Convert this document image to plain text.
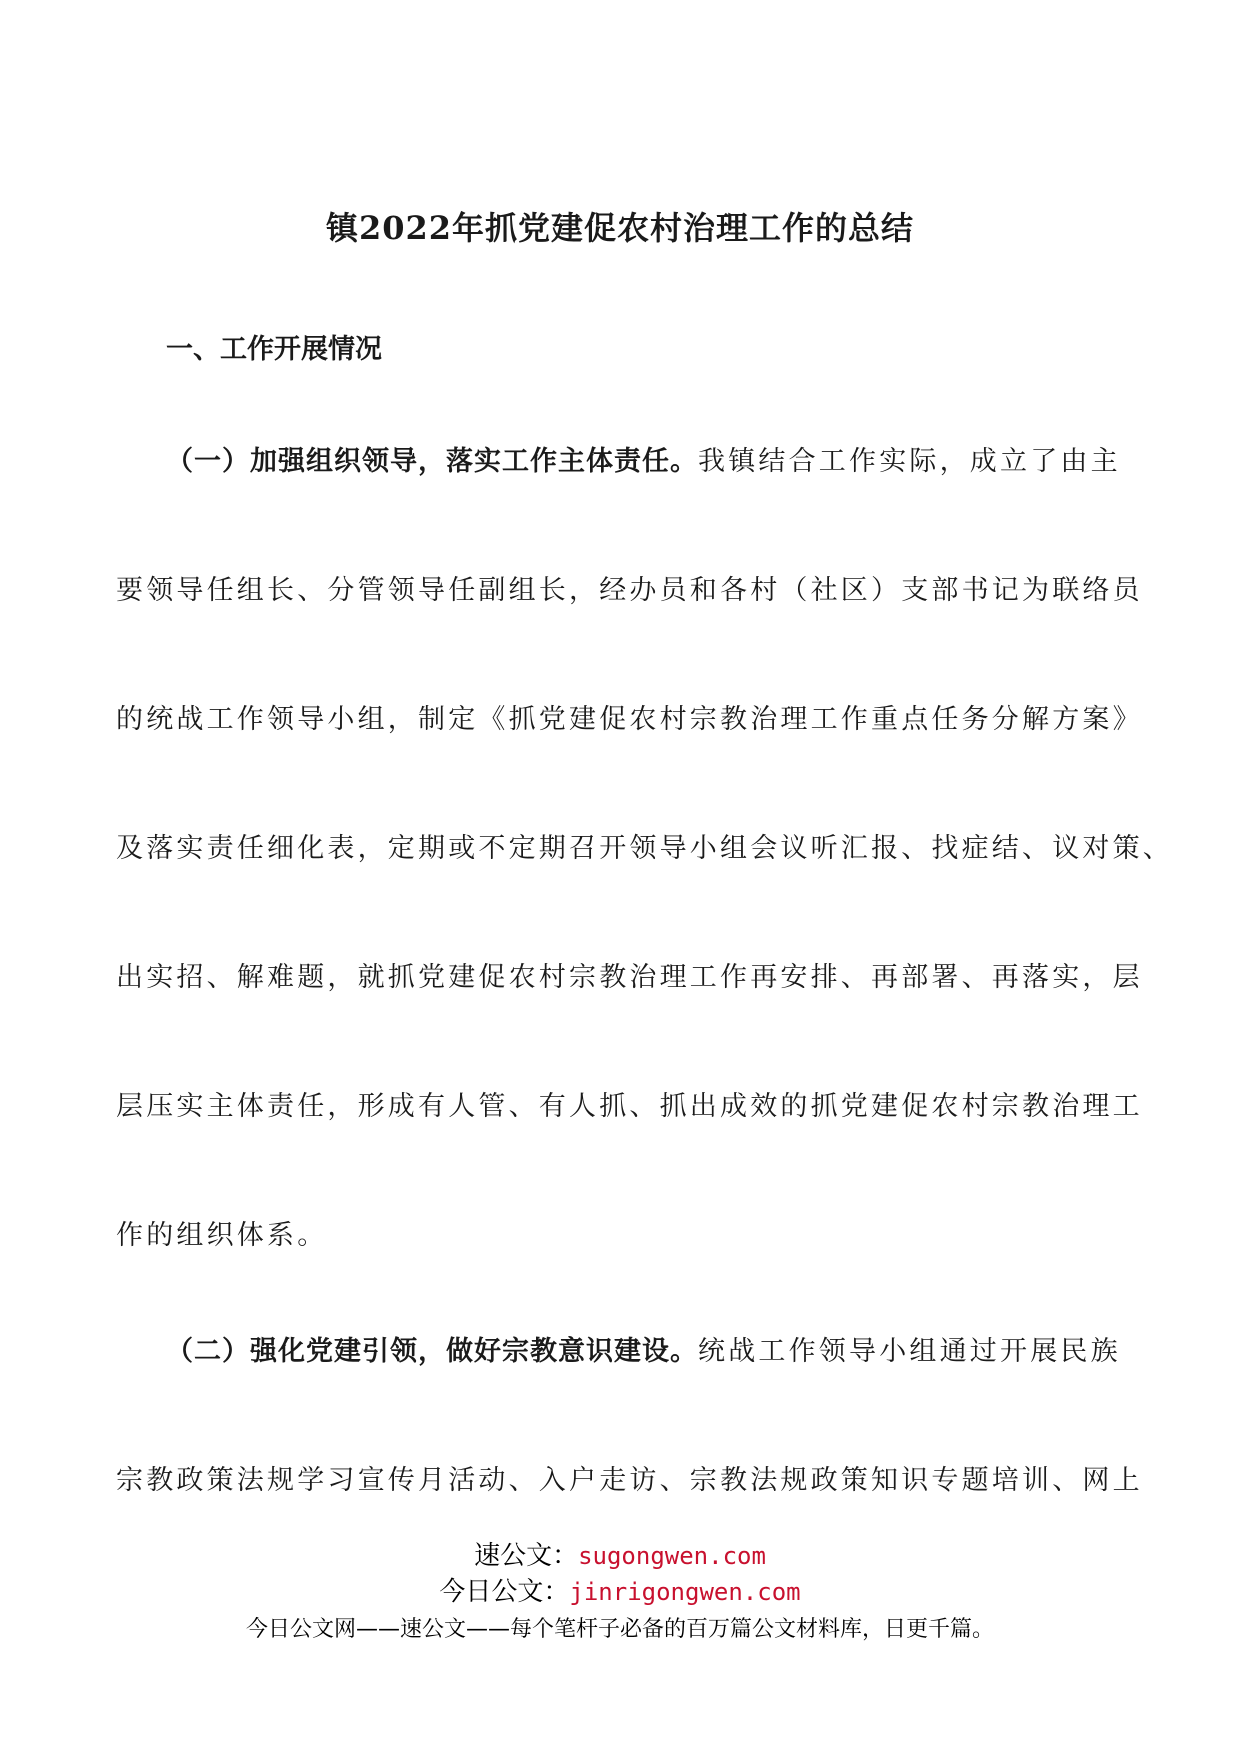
镇2022年抓党建促农村治理工作的总结
一、工作开展情况
（一）加强组织领导，落实工作主体责任。我镇结合工作实际，成立了由主
要领导任组长、分管领导任副组长，经办员和各村（社区）支部书记为联络员
的统战工作领导小组，制定《抓党建促农村宗教治理工作重点任务分解方案》
及落实责任细化表，定期或不定期召开领导小组会议听汇报、找症结、议对策、
出实招、解难题，就抓党建促农村宗教治理工作再安排、再部署、再落实，层
层压实主体责任，形成有人管、有人抓、抓出成效的抓党建促农村宗教治理工
作的组织体系。
（二）强化党建引领，做好宗教意识建设。统战工作领导小组通过开展民族
宗教政策法规学习宣传月活动、入户走访、宗教法规政策知识专题培训、网上
速公文：sugongwen.com
今日公文：jinrigongwen.com
今日公文网——速公文——每个笔杆子必备的百万篇公文材料库，日更千篇。
